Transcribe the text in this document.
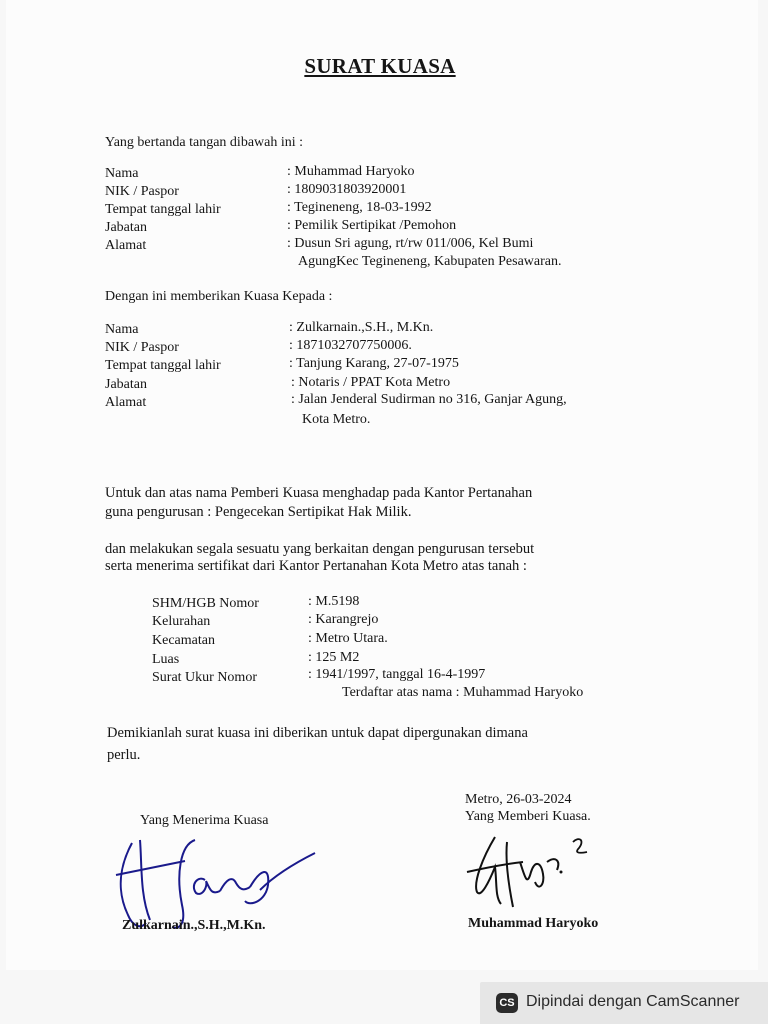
SURAT KUASA
Yang bertanda tangan dibawah ini :
Nama	: Muhammad Haryoko
NIK / Paspor	: 1809031803920001
Tempat tanggal lahir	: Tegineneng, 18-03-1992
Jabatan	: Pemilik Sertipikat /Pemohon
Alamat	: Dusun Sri agung, rt/rw 011/006, Kel Bumi
AgungKec Tegineneng, Kabupaten Pesawaran.
Dengan ini memberikan Kuasa Kepada :
Nama	: Zulkarnain.,S.H., M.Kn.
NIK / Paspor	: 1871032707750006.
Tempat tanggal lahir	: Tanjung Karang, 27-07-1975
Jabatan	: Notaris / PPAT Kota Metro
Alamat	: Jalan Jenderal Sudirman no 316, Ganjar Agung,
Kota Metro.
Untuk dan atas nama Pemberi Kuasa menghadap pada Kantor Pertanahan
guna pengurusan : Pengecekan Sertipikat Hak Milik.
dan melakukan segala sesuatu yang berkaitan dengan pengurusan tersebut
serta menerima sertifikat dari Kantor Pertanahan Kota Metro atas tanah :
SHM/HGB Nomor	: M.5198
Kelurahan	: Karangrejo
Kecamatan	: Metro Utara.
Luas	: 125 M2
Surat Ukur Nomor	: 1941/1997, tanggal 16-4-1997
Terdaftar atas nama : Muhammad Haryoko
Demikianlah surat kuasa ini diberikan untuk dapat dipergunakan dimana
perlu.
Metro, 26-03-2024
Yang Memberi Kuasa.
Yang Menerima Kuasa
Zulkarnain.,S.H.,M.Kn.	Muhammad Haryoko
CS Dipindai dengan CamScanner
